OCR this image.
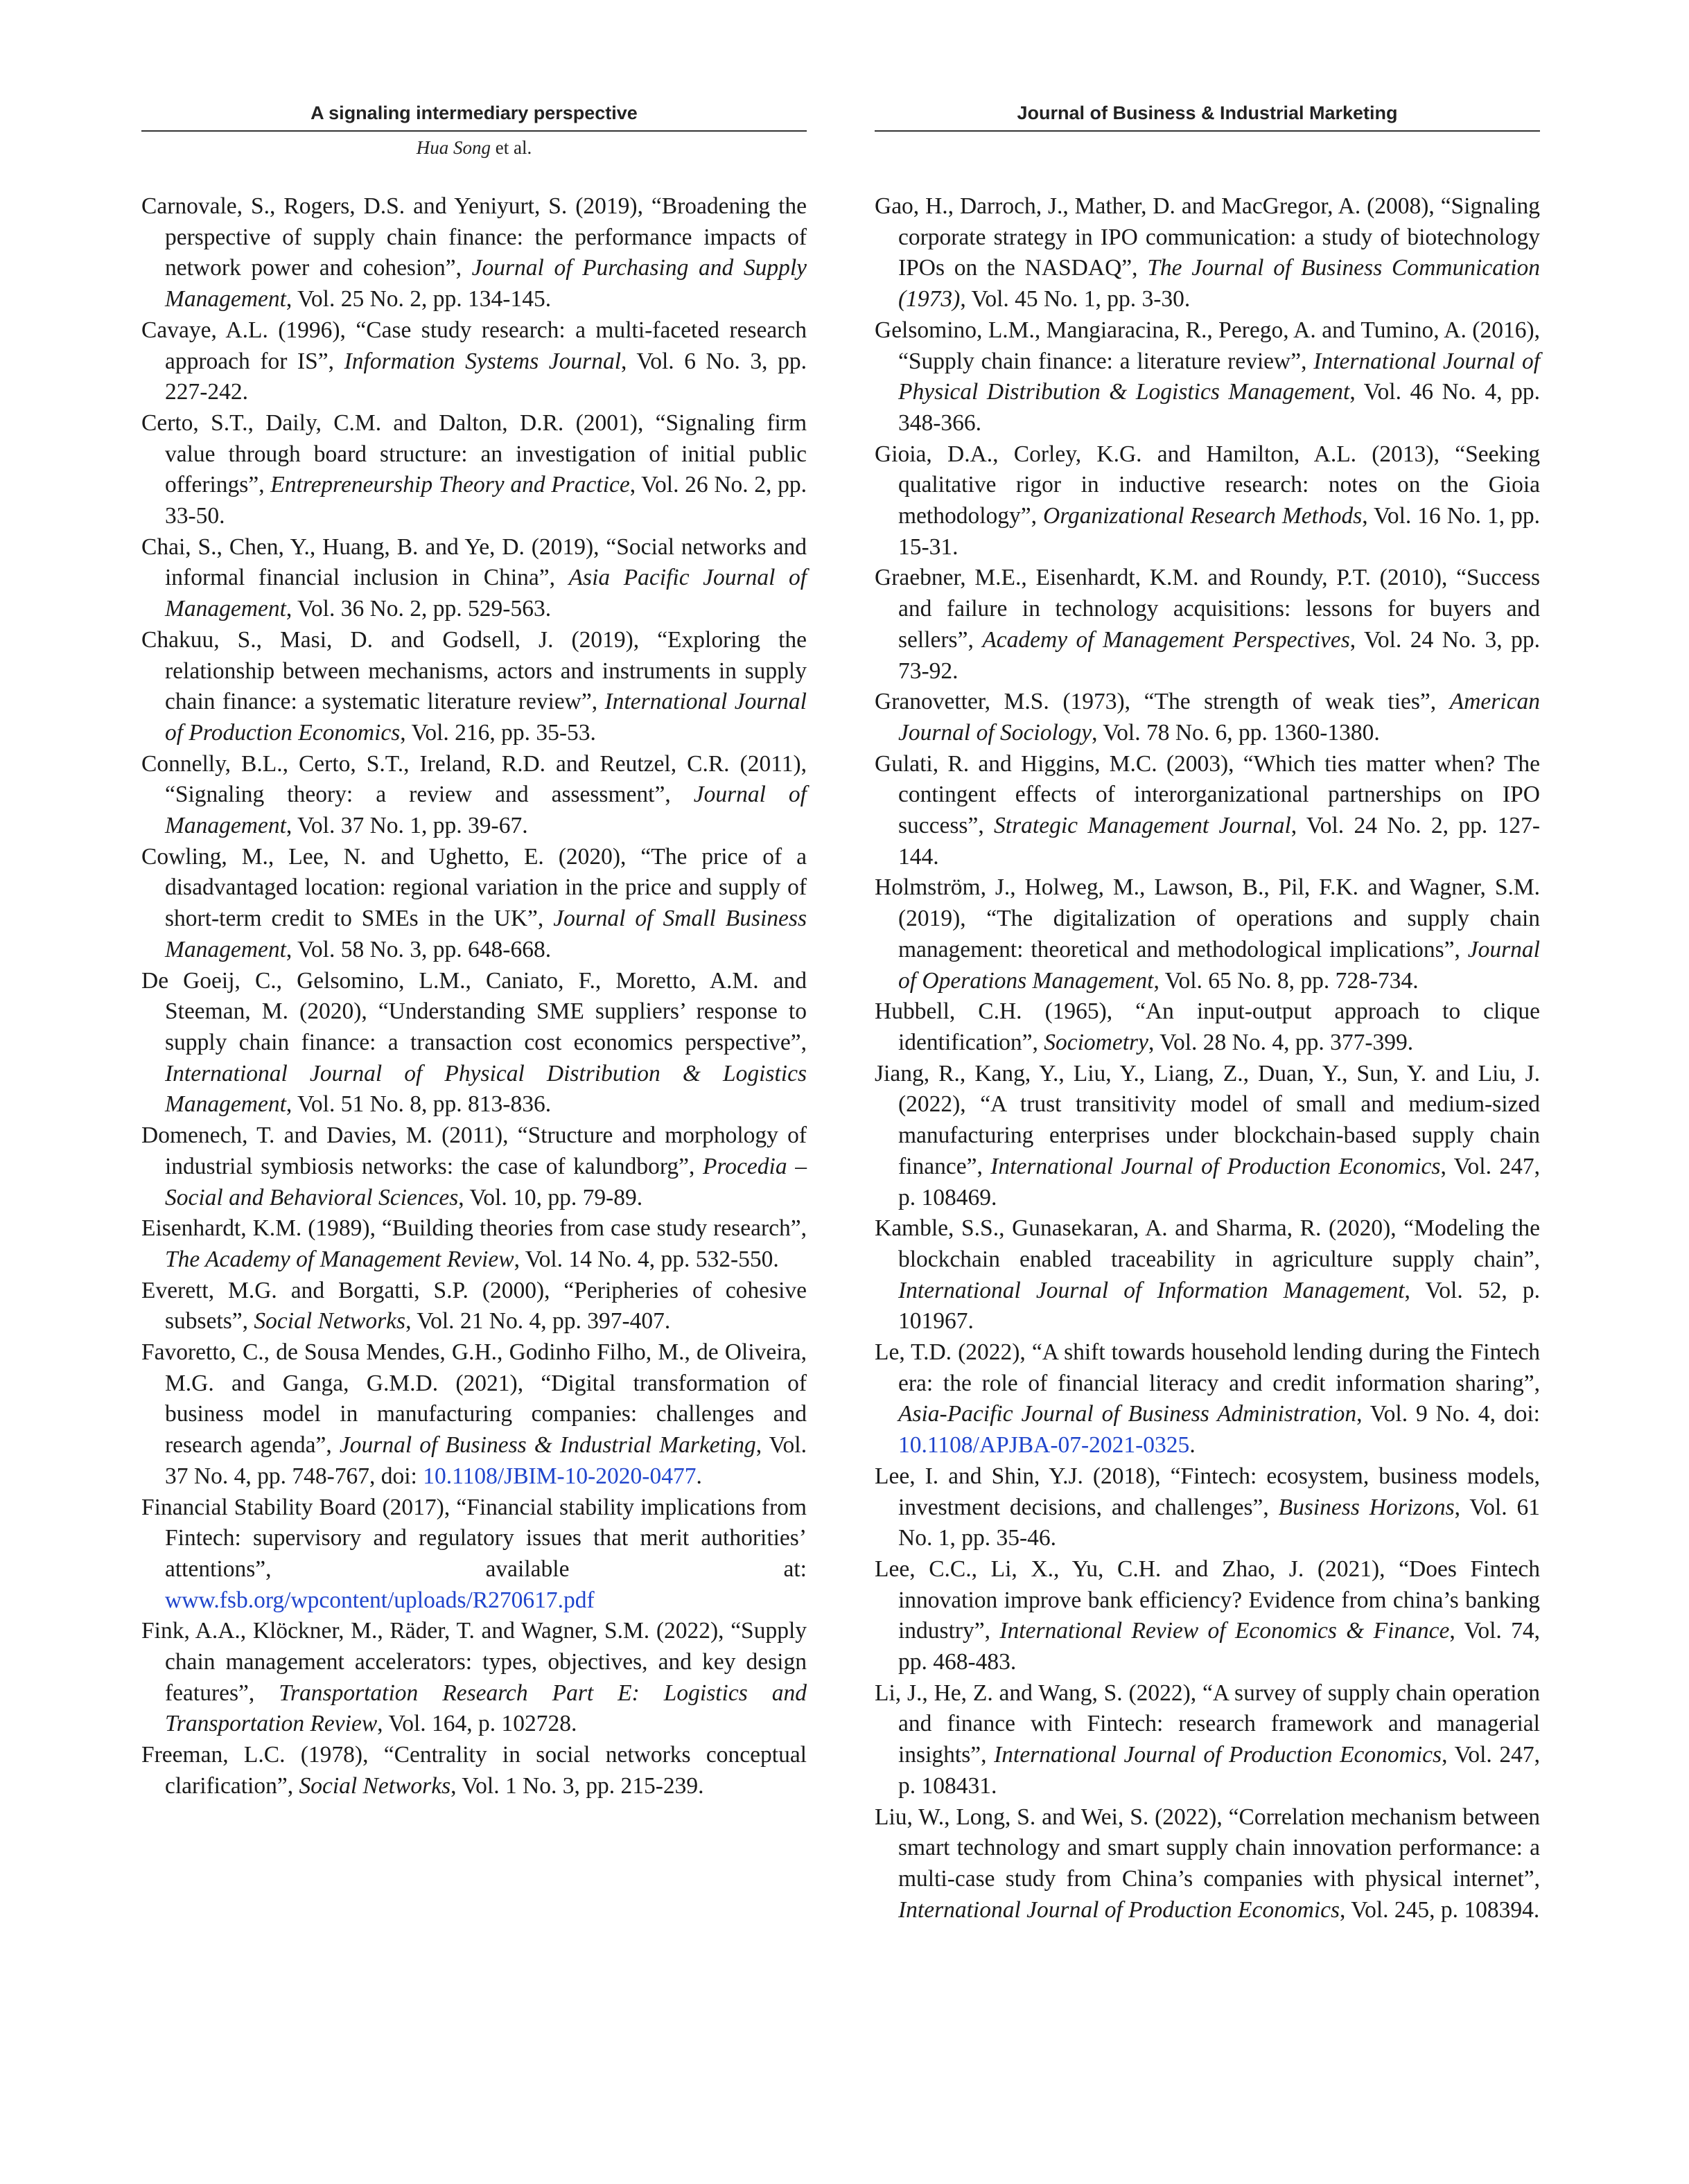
A signaling intermediary perspective	Journal of Business & Industrial Marketing
Hua Song et al.

Carnovale, S., Rogers, D.S. and Yeniyurt, S. (2019), “Broadening the perspective of supply chain finance: the performance impacts of network power and cohesion”, Journal of Purchasing and Supply Management, Vol. 25 No. 2, pp. 134-145.

Cavaye, A.L. (1996), “Case study research: a multi-faceted research approach for IS”, Information Systems Journal, Vol. 6 No. 3, pp. 227-242.

Certo, S.T., Daily, C.M. and Dalton, D.R. (2001), “Signaling firm value through board structure: an investigation of initial public offerings”, Entrepreneurship Theory and Practice, Vol. 26 No. 2, pp. 33-50.

Chai, S., Chen, Y., Huang, B. and Ye, D. (2019), “Social networks and informal financial inclusion in China”, Asia Pacific Journal of Management, Vol. 36 No. 2, pp. 529-563.

Chakuu, S., Masi, D. and Godsell, J. (2019), “Exploring the relationship between mechanisms, actors and instruments in supply chain finance: a systematic literature review”, International Journal of Production Economics, Vol. 216, pp. 35-53.

Connelly, B.L., Certo, S.T., Ireland, R.D. and Reutzel, C.R. (2011), “Signaling theory: a review and assessment”, Journal of Management, Vol. 37 No. 1, pp. 39-67.

Cowling, M., Lee, N. and Ughetto, E. (2020), “The price of a disadvantaged location: regional variation in the price and supply of short-term credit to SMEs in the UK”, Journal of Small Business Management, Vol. 58 No. 3, pp. 648-668.

De Goeij, C., Gelsomino, L.M., Caniato, F., Moretto, A.M. and Steeman, M. (2020), “Understanding SME suppliers’ response to supply chain finance: a transaction cost economics perspective”, International Journal of Physical Distribution & Logistics Management, Vol. 51 No. 8, pp. 813-836.

Domenech, T. and Davies, M. (2011), “Structure and morphology of industrial symbiosis networks: the case of kalundborg”, Procedia – Social and Behavioral Sciences, Vol. 10, pp. 79-89.

Eisenhardt, K.M. (1989), “Building theories from case study research”, The Academy of Management Review, Vol. 14 No. 4, pp. 532-550.

Everett, M.G. and Borgatti, S.P. (2000), “Peripheries of cohesive subsets”, Social Networks, Vol. 21 No. 4, pp. 397-407.

Favoretto, C., de Sousa Mendes, G.H., Godinho Filho, M., de Oliveira, M.G. and Ganga, G.M.D. (2021), “Digital transformation of business model in manufacturing companies: challenges and research agenda”, Journal of Business & Industrial Marketing, Vol. 37 No. 4, pp. 748-767, doi: 10.1108/JBIM-10-2020-0477.

Financial Stability Board (2017), “Financial stability implications from Fintech: supervisory and regulatory issues that merit authorities’ attentions”, available at: www.fsb.org/wpcontent/uploads/R270617.pdf

Fink, A.A., Klöckner, M., Räder, T. and Wagner, S.M. (2022), “Supply chain management accelerators: types, objectives, and key design features”, Transportation Research Part E: Logistics and Transportation Review, Vol. 164, p. 102728.

Freeman, L.C. (1978), “Centrality in social networks conceptual clarification”, Social Networks, Vol. 1 No. 3, pp. 215-239.

Gao, H., Darroch, J., Mather, D. and MacGregor, A. (2008), “Signaling corporate strategy in IPO communication: a study of biotechnology IPOs on the NASDAQ”, The Journal of Business Communication (1973), Vol. 45 No. 1, pp. 3-30.

Gelsomino, L.M., Mangiaracina, R., Perego, A. and Tumino, A. (2016), “Supply chain finance: a literature review”, International Journal of Physical Distribution & Logistics Management, Vol. 46 No. 4, pp. 348-366.

Gioia, D.A., Corley, K.G. and Hamilton, A.L. (2013), “Seeking qualitative rigor in inductive research: notes on the Gioia methodology”, Organizational Research Methods, Vol. 16 No. 1, pp. 15-31.

Graebner, M.E., Eisenhardt, K.M. and Roundy, P.T. (2010), “Success and failure in technology acquisitions: lessons for buyers and sellers”, Academy of Management Perspectives, Vol. 24 No. 3, pp. 73-92.

Granovetter, M.S. (1973), “The strength of weak ties”, American Journal of Sociology, Vol. 78 No. 6, pp. 1360-1380.

Gulati, R. and Higgins, M.C. (2003), “Which ties matter when? The contingent effects of interorganizational partnerships on IPO success”, Strategic Management Journal, Vol. 24 No. 2, pp. 127-144.

Holmström, J., Holweg, M., Lawson, B., Pil, F.K. and Wagner, S.M. (2019), “The digitalization of operations and supply chain management: theoretical and methodological implications”, Journal of Operations Management, Vol. 65 No. 8, pp. 728-734.

Hubbell, C.H. (1965), “An input-output approach to clique identification”, Sociometry, Vol. 28 No. 4, pp. 377-399.

Jiang, R., Kang, Y., Liu, Y., Liang, Z., Duan, Y., Sun, Y. and Liu, J. (2022), “A trust transitivity model of small and medium-sized manufacturing enterprises under blockchain-based supply chain finance”, International Journal of Production Economics, Vol. 247, p. 108469.

Kamble, S.S., Gunasekaran, A. and Sharma, R. (2020), “Modeling the blockchain enabled traceability in agriculture supply chain”, International Journal of Information Management, Vol. 52, p. 101967.

Le, T.D. (2022), “A shift towards household lending during the Fintech era: the role of financial literacy and credit information sharing”, Asia-Pacific Journal of Business Administration, Vol. 9 No. 4, doi: 10.1108/APJBA-07-2021-0325.

Lee, I. and Shin, Y.J. (2018), “Fintech: ecosystem, business models, investment decisions, and challenges”, Business Horizons, Vol. 61 No. 1, pp. 35-46.

Lee, C.C., Li, X., Yu, C.H. and Zhao, J. (2021), “Does Fintech innovation improve bank efficiency? Evidence from china’s banking industry”, International Review of Economics & Finance, Vol. 74, pp. 468-483.

Li, J., He, Z. and Wang, S. (2022), “A survey of supply chain operation and finance with Fintech: research framework and managerial insights”, International Journal of Production Economics, Vol. 247, p. 108431.

Liu, W., Long, S. and Wei, S. (2022), “Correlation mechanism between smart technology and smart supply chain innovation performance: a multi-case study from China’s companies with physical internet”, International Journal of Production Economics, Vol. 245, p. 108394.
